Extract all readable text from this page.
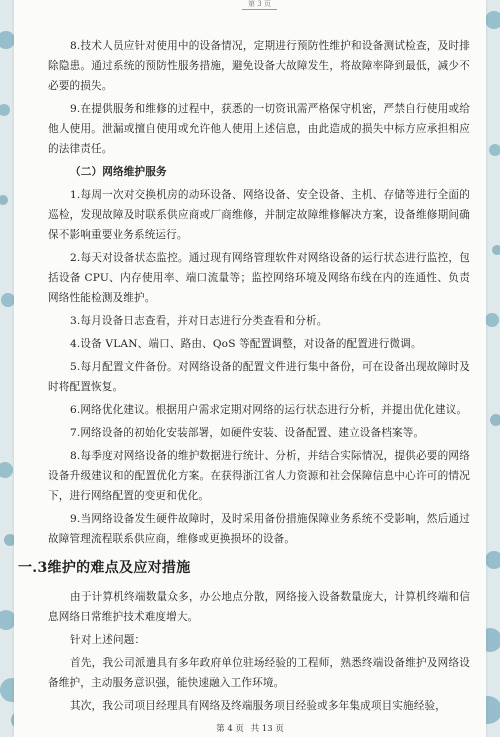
第 3 页

8.技术人员应针对使用中的设备情况，定期进行预防性维护和设备测试检查，及时排除隐患。通过系统的预防性服务措施，避免设备大故障发生，将故障率降到最低，减少不必要的损失。

9.在提供服务和维修的过程中，获悉的一切资讯需严格保守机密，严禁自行使用或给他人使用。泄漏或擅自使用或允许他人使用上述信息，由此造成的损失中标方应承担相应的法律责任。

（二）网络维护服务

1.每周一次对交换机房的动环设备、网络设备、安全设备、主机、存储等进行全面的巡检，发现故障及时联系供应商或厂商维修，并制定故障维修解决方案，设备维修期间确保不影响重要业务系统运行。

2.每天对设备状态监控。通过现有网络管理软件对网络设备的运行状态进行监控，包括设备 CPU、内存使用率、端口流量等；监控网络环境及网络布线在内的连通性、负责网络性能检测及维护。

3.每月设备日志查看，并对日志进行分类查看和分析。

4.设备 VLAN、端口、路由、QoS 等配置调整，对设备的配置进行微调。

5.每月配置文件备份。对网络设备的配置文件进行集中备份，可在设备出现故障时及时将配置恢复。

6.网络优化建议。根据用户需求定期对网络的运行状态进行分析，并提出优化建议。

7.网络设备的初始化安装部署，如硬件安装、设备配置、建立设备档案等。

8.每季度对网络设备的维护数据进行统计、分析，并结合实际情况，提供必要的网络设备升级建议和的配置优化方案。在获得浙江省人力资源和社会保障信息中心许可的情况下，进行网络配置的变更和优化。

9.当网络设备发生硬件故障时，及时采用备份措施保障业务系统不受影响，然后通过故障管理流程联系供应商，维修或更换损坏的设备。

一.3维护的难点及应对措施

由于计算机终端数量众多，办公地点分散，网络接入设备数量庞大，计算机终端和信息网络日常维护技术难度增大。

针对上述问题：

首先，我公司派遣具有多年政府单位驻场经验的工程师，熟悉终端设备维护及网络设备维护，主动服务意识强，能快速融入工作环境。

其次，我公司项目经理具有网络及终端服务项目经验或多年集成项目实施经验，

第 4 页 共 13 页
